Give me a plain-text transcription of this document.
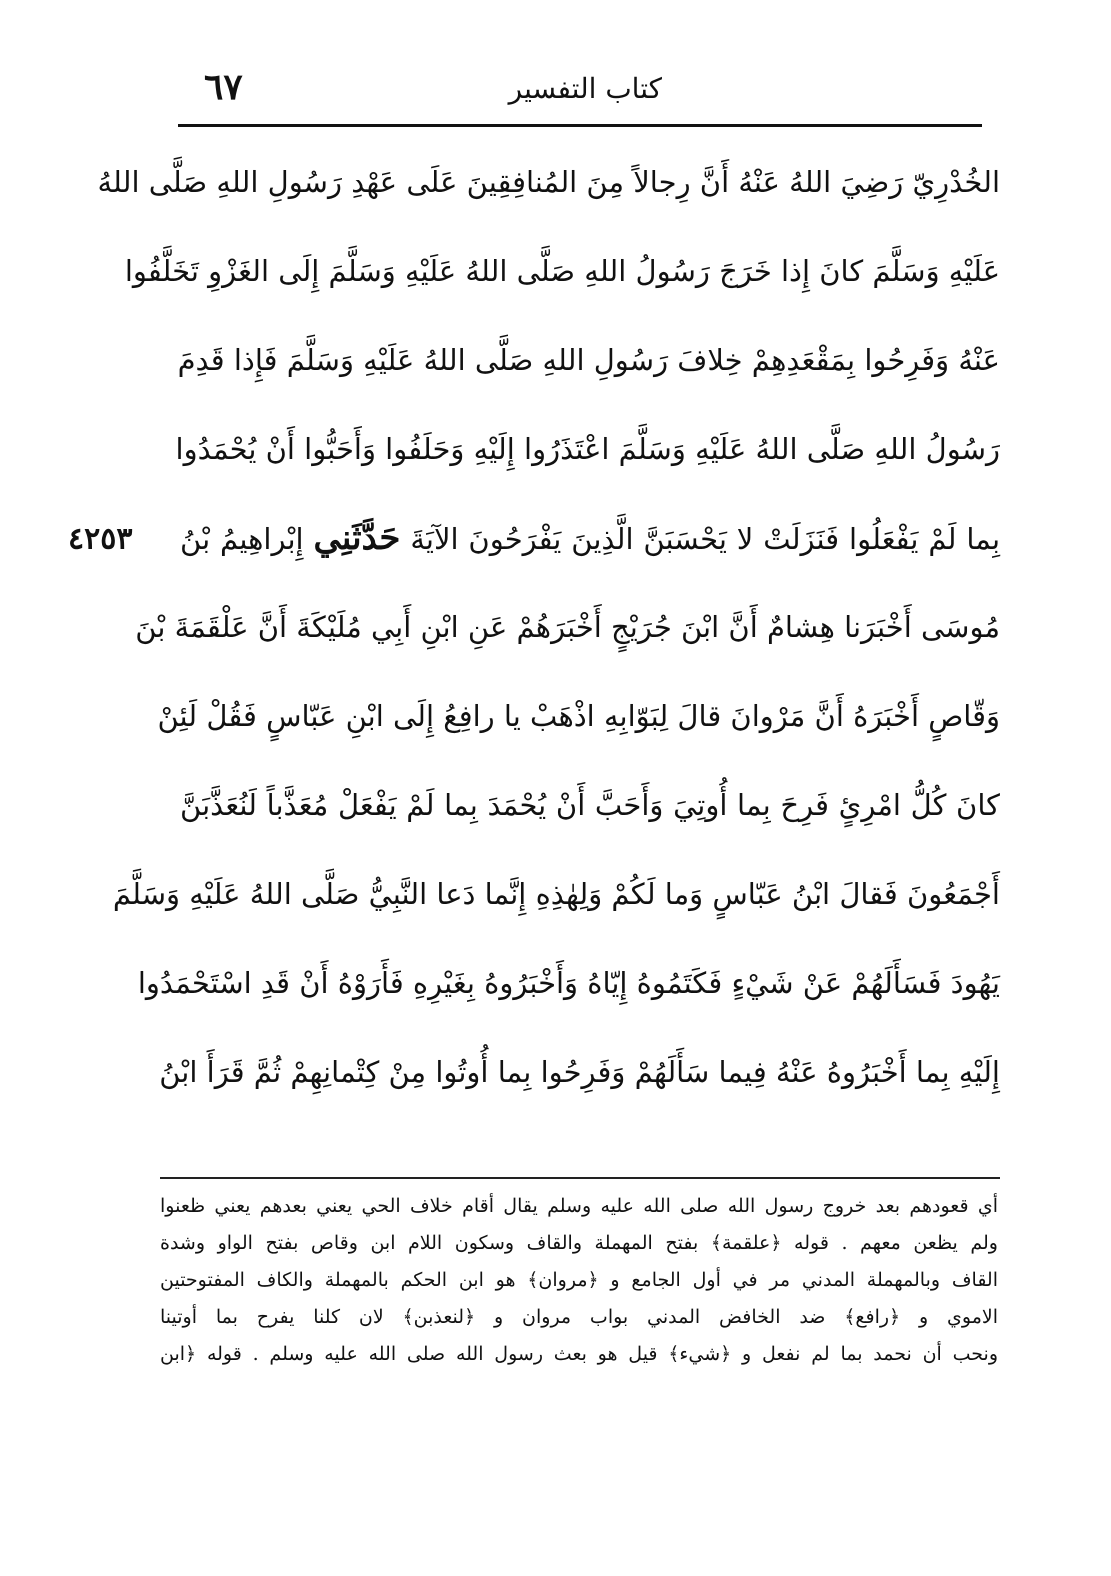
كتاب التفسير
٦٧
الخُدْرِيّ رَضِيَ اللهُ عَنْهُ أَنَّ رِجالاً مِنَ المُنافِقِينَ عَلَى عَهْدِ رَسُولِ اللهِ صَلَّى اللهُ
عَلَيْهِ وَسَلَّمَ كانَ إِذا خَرَجَ رَسُولُ اللهِ صَلَّى اللهُ عَلَيْهِ وَسَلَّمَ إِلَى الغَزْوِ تَخَلَّفُوا
عَنْهُ وَفَرِحُوا بِمَقْعَدِهِمْ خِلافَ رَسُولِ اللهِ صَلَّى اللهُ عَلَيْهِ وَسَلَّمَ فَإِذا قَدِمَ
رَسُولُ اللهِ صَلَّى اللهُ عَلَيْهِ وَسَلَّمَ اعْتَذَرُوا إِلَيْهِ وَحَلَفُوا وَأَحَبُّوا أَنْ يُحْمَدُوا
بِما لَمْ يَفْعَلُوا فَنَزَلَتْ لا يَحْسَبَنَّ الَّذِينَ يَفْرَحُونَ الآيَةَ حَدَّثَنِي إِبْراهِيمُ بْنُ
٤٢٥٣
مُوسَى أَخْبَرَنا هِشامٌ أَنَّ ابْنَ جُرَيْجٍ أَخْبَرَهُمْ عَنِ ابْنِ أَبِي مُلَيْكَةَ أَنَّ عَلْقَمَةَ بْنَ
وَقّاصٍ أَخْبَرَهُ أَنَّ مَرْوانَ قالَ لِبَوّابِهِ اذْهَبْ يا رافِعُ إِلَى ابْنِ عَبّاسٍ فَقُلْ لَئِنْ
كانَ كُلُّ امْرِئٍ فَرِحَ بِما أُوتِيَ وَأَحَبَّ أَنْ يُحْمَدَ بِما لَمْ يَفْعَلْ مُعَذَّباً لَنُعَذَّبَنَّ
أَجْمَعُونَ فَقالَ ابْنُ عَبّاسٍ وَما لَكُمْ وَلِهٰذِهِ إِنَّما دَعا النَّبِيُّ صَلَّى اللهُ عَلَيْهِ وَسَلَّمَ
يَهُودَ فَسَأَلَهُمْ عَنْ شَيْءٍ فَكَتَمُوهُ إِيّاهُ وَأَخْبَرُوهُ بِغَيْرِهِ فَأَرَوْهُ أَنْ قَدِ اسْتَحْمَدُوا
إِلَيْهِ بِما أَخْبَرُوهُ عَنْهُ فِيما سَأَلَهُمْ وَفَرِحُوا بِما أُوتُوا مِنْ كِتْمانِهِمْ ثُمَّ قَرَأَ ابْنُ
أي قعودهم بعد خروج رسول الله صلى الله عليه وسلم يقال أقام خلاف الحي يعني بعدهم يعني ظعنوا
ولم يظعن معهم . قوله ﴿علقمة﴾ بفتح المهملة والقاف وسكون اللام ابن وقاص بفتح الواو وشدة
القاف وبالمهملة المدني مر في أول الجامع و ﴿مروان﴾ هو ابن الحكم بالمهملة والكاف المفتوحتين
الاموي و ﴿رافع﴾ ضد الخافض المدني بواب مروان و ﴿لنعذبن﴾ لان كلنا يفرح بما أوتينا
ونحب أن نحمد بما لم نفعل و ﴿شيء﴾ قيل هو بعث رسول الله صلى الله عليه وسلم . قوله ﴿ابن
